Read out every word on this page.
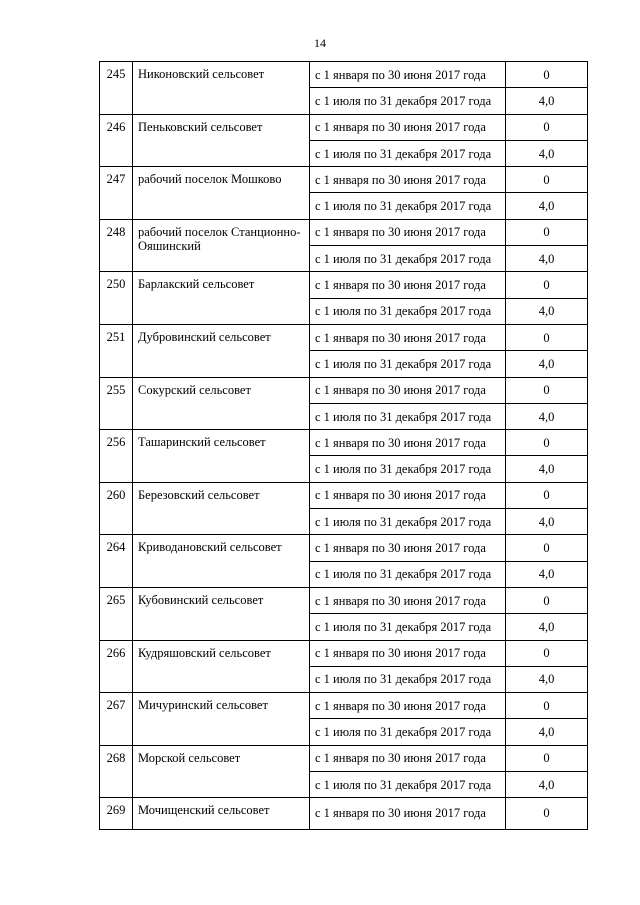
14
245	Никоновский сельсовет	с 1 января по 30 июня 2017 года	0
		с 1 июля по 31 декабря 2017 года	4,0
246	Пеньковский сельсовет	с 1 января по 30 июня 2017 года	0
		с 1 июля по 31 декабря 2017 года	4,0
247	рабочий поселок Мошково	с 1 января по 30 июня 2017 года	0
		с 1 июля по 31 декабря 2017 года	4,0
248	рабочий поселок Станционно-Ояшинский	с 1 января по 30 июня 2017 года	0
		с 1 июля по 31 декабря 2017 года	4,0
250	Барлакский сельсовет	с 1 января по 30 июня 2017 года	0
		с 1 июля по 31 декабря 2017 года	4,0
251	Дубровинский сельсовет	с 1 января по 30 июня 2017 года	0
		с 1 июля по 31 декабря 2017 года	4,0
255	Сокурский сельсовет	с 1 января по 30 июня 2017 года	0
		с 1 июля по 31 декабря 2017 года	4,0
256	Ташаринский сельсовет	с 1 января по 30 июня 2017 года	0
		с 1 июля по 31 декабря 2017 года	4,0
260	Березовский сельсовет	с 1 января по 30 июня 2017 года	0
		с 1 июля по 31 декабря 2017 года	4,0
264	Криводановский сельсовет	с 1 января по 30 июня 2017 года	0
		с 1 июля по 31 декабря 2017 года	4,0
265	Кубовинский сельсовет	с 1 января по 30 июня 2017 года	0
		с 1 июля по 31 декабря 2017 года	4,0
266	Кудряшовский сельсовет	с 1 января по 30 июня 2017 года	0
		с 1 июля по 31 декабря 2017 года	4,0
267	Мичуринский сельсовет	с 1 января по 30 июня 2017 года	0
		с 1 июля по 31 декабря 2017 года	4,0
268	Морской сельсовет	с 1 января по 30 июня 2017 года	0
		с 1 июля по 31 декабря 2017 года	4,0
269	Мочищенский сельсовет	с 1 января по 30 июня 2017 года	0
